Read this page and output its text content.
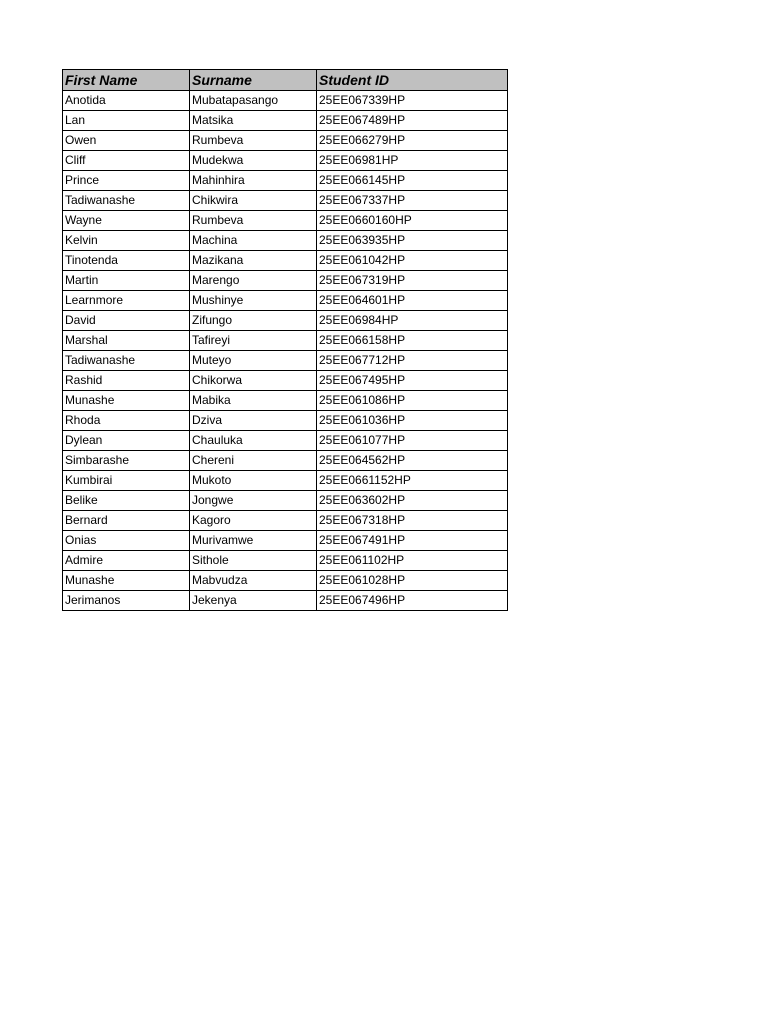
First Name	Surname	Student ID
Anotida	Mubatapasango	25EE067339HP
Lan	Matsika	25EE067489HP
Owen	Rumbeva	25EE066279HP
Cliff	Mudekwa	25EE06981HP
Prince	Mahinhira	25EE066145HP
Tadiwanashe	Chikwira	25EE067337HP
Wayne	Rumbeva	25EE0660160HP
Kelvin	Machina	25EE063935HP
Tinotenda	Mazikana	25EE061042HP
Martin	Marengo	25EE067319HP
Learnmore	Mushinye	25EE064601HP
David	Zifungo	25EE06984HP
Marshal	Tafireyi	25EE066158HP
Tadiwanashe	Muteyo	25EE067712HP
Rashid	Chikorwa	25EE067495HP
Munashe	Mabika	25EE061086HP
Rhoda	Dziva	25EE061036HP
Dylean	Chauluka	25EE061077HP
Simbarashe	Chereni	25EE064562HP
Kumbirai	Mukoto	25EE0661152HP
Belike	Jongwe	25EE063602HP
Bernard	Kagoro	25EE067318HP
Onias	Murivamwe	25EE067491HP
Admire	Sithole	25EE061102HP
Munashe	Mabvudza	25EE061028HP
Jerimanos	Jekenya	25EE067496HP
